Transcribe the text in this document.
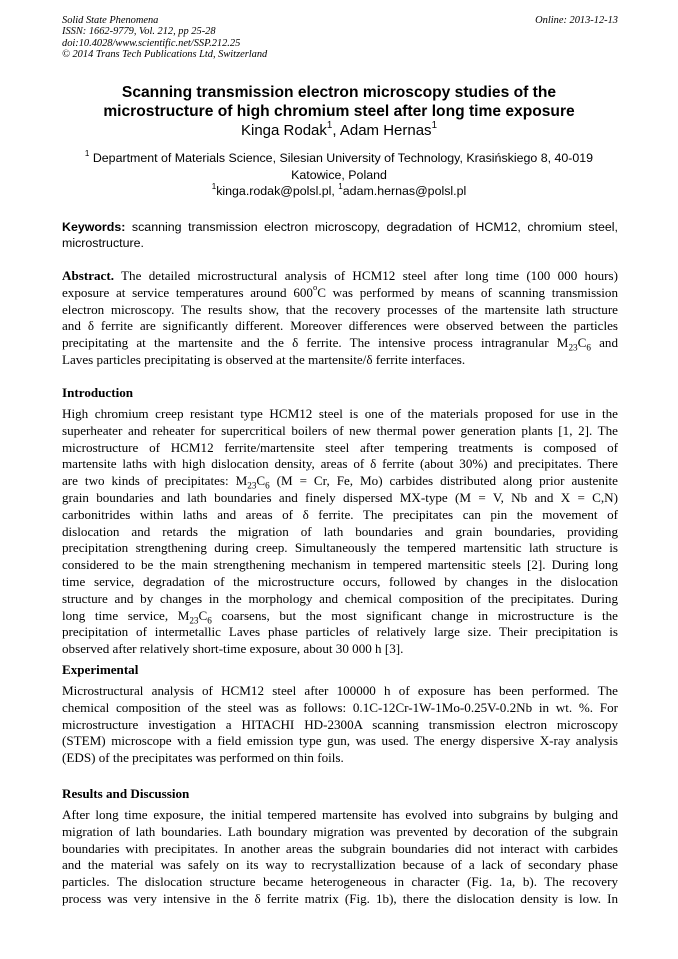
Solid State Phenomena
ISSN: 1662-9779, Vol. 212, pp 25-28
doi:10.4028/www.scientific.net/SSP.212.25
© 2014 Trans Tech Publications Ltd, Switzerland
Online: 2013-12-13
Scanning transmission electron microscopy studies of the
microstructure of high chromium steel after long time exposure
Kinga Rodak$^1$, Adam Hernas$^1$
$^1$ Department of Materials Science, Silesian University of Technology, Krasińskiego 8, 40-019
Katowice, Poland
$^1$kinga.rodak@polsl.pl, $^1$adam.hernas@polsl.pl
Keywords: scanning transmission electron microscopy, degradation of HCM12, chromium steel, microstructure.
Abstract. The detailed microstructural analysis of HCM12 steel after long time (100 000 hours)
exposure at service temperatures around 600$^o$C was performed by means of scanning transmission
electron microscopy. The results show, that the recovery processes of the martensite lath structure
and δ ferrite are significantly different. Moreover differences were observed between the particles
precipitating at the martensite and the δ ferrite. The intensive process intragranular $M_{23}C_6$ and
Laves particles precipitating is observed at the martensite/δ ferrite interfaces.
Introduction
High chromium creep resistant type HCM12 steel is one of the materials proposed for use in the
superheater and reheater for supercritical boilers of new thermal power generation plants [1, 2]. The
microstructure of HCM12 ferrite/martensite steel after tempering treatments is composed of
martensite laths with high dislocation density, areas of δ ferrite (about 30%) and precipitates. There
are two kinds of precipitates: $M_{23}C_6$ (M = Cr, Fe, Mo) carbides distributed along prior austenite
grain boundaries and lath boundaries and finely dispersed MX-type (M = V, Nb and X = C,N)
carbonitrides within laths and areas of δ ferrite. The precipitates can pin the movement of
dislocation and retards the migration of lath boundaries and grain boundaries, providing
precipitation strengthening during creep. Simultaneously the tempered martensitic lath structure is
considered to be the main strengthening mechanism in tempered martensitic steels [2]. During long
time service, degradation of the microstructure occurs, followed by changes in the dislocation
structure and by changes in the morphology and chemical composition of the precipitates. During
long time service, $M_{23}C_6$ coarsens, but the most significant change in microstructure is the
precipitation of intermetallic Laves phase particles of relatively large size. Their precipitation is
observed after relatively short-time exposure, about 30 000 h [3].
Experimental
Microstructural analysis of HCM12 steel after 100000 h of exposure has been performed. The
chemical composition of the steel was as follows: 0.1C-12Cr-1W-1Mo-0.25V-0.2Nb in wt. %. For
microstructure investigation a HITACHI HD-2300A scanning transmission electron microscopy
(STEM) microscope with a field emission type gun, was used. The energy dispersive X-ray analysis
(EDS) of the precipitates was performed on thin foils.
Results and Discussion
After long time exposure, the initial tempered martensite has evolved into subgrains by bulging and
migration of lath boundaries. Lath boundary migration was prevented by decoration of the subgrain
boundaries with precipitates. In another areas the subgrain boundaries did not interact with carbides
and the material was safely on its way to recrystallization because of a lack of secondary phase
particles. The dislocation structure became heterogeneous in character (Fig. 1a, b). The recovery
process was very intensive in the δ ferrite matrix (Fig. 1b), there the dislocation density is low. In
